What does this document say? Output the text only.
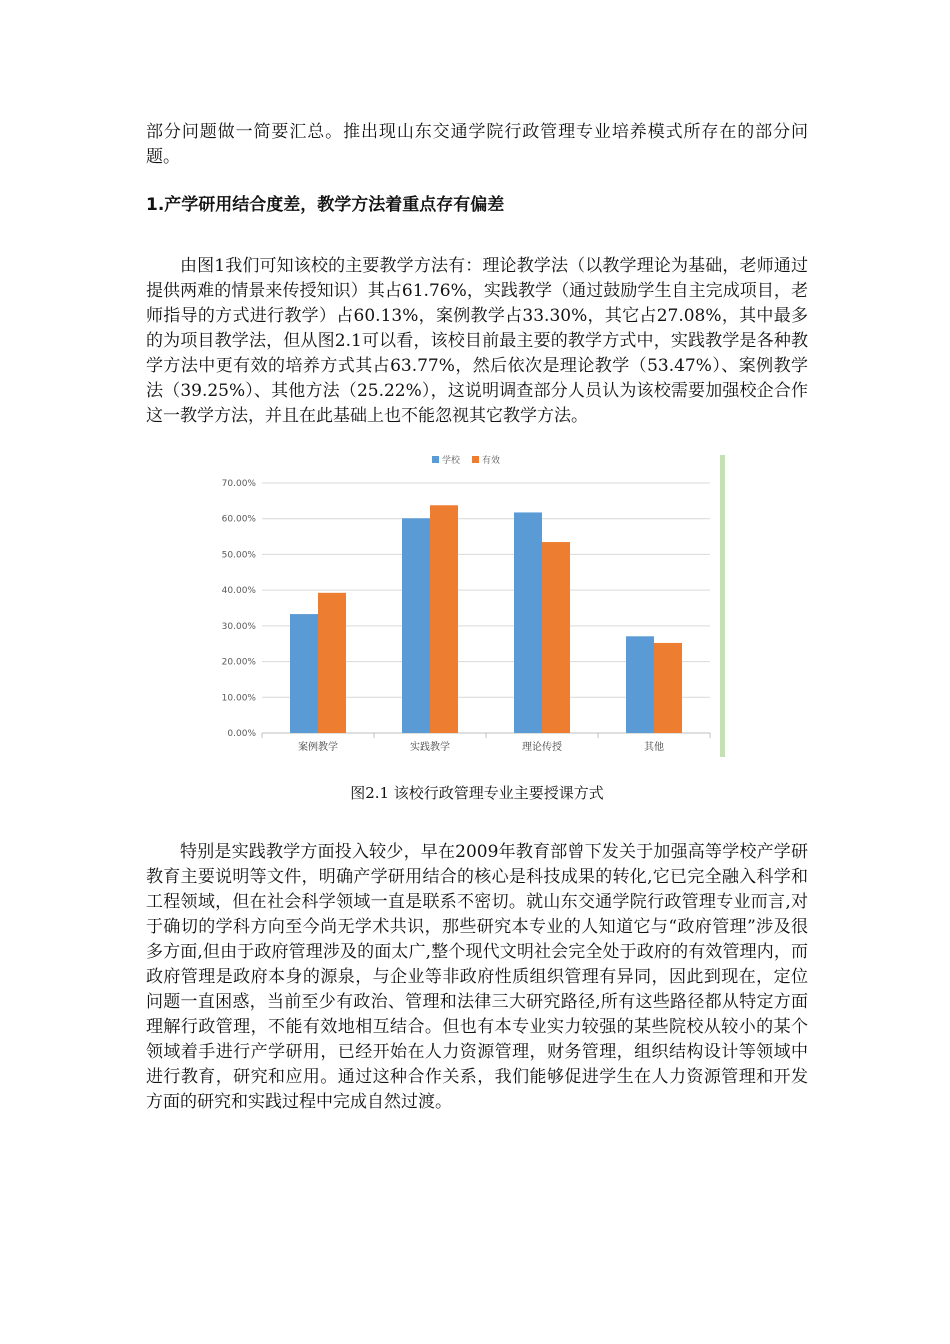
部分问题做一简要汇总。推出现山东交通学院行政管理专业培养模式所存在的部分问题。

1.产学研用结合度差，教学方法着重点存有偏差

由图1我们可知该校的主要教学方法有：理论教学法（以教学理论为基础，老师通过提供两难的情景来传授知识）其占61.76%，实践教学（通过鼓励学生自主完成项目，老师指导的方式进行教学）占60.13%，案例教学占33.30%，其它占27.08%，其中最多的为项目教学法，但从图2.1可以看，该校目前最主要的教学方式中，实践教学是各种教学方法中更有效的培养方式其占63.77%，然后依次是理论教学（53.47%）、案例教学法（39.25%）、其他方法（25.22%），这说明调查部分人员认为该校需要加强校企合作这一教学方法，并且在此基础上也不能忽视其它教学方法。

0.00%
10.00%
20.00%
30.00%
40.00%
50.00%
60.00%
70.00%
案例教学	实践教学	理论传授	其他
学校 有效

图2.1 该校行政管理专业主要授课方式

特别是实践教学方面投入较少，早在2009年教育部曾下发关于加强高等学校产学研教育主要说明等文件，明确产学研用结合的核心是科技成果的转化,它已完全融入科学和工程领域，但在社会科学领域一直是联系不密切。就山东交通学院行政管理专业而言,对于确切的学科方向至今尚无学术共识，那些研究本专业的人知道它与“政府管理”涉及很多方面,但由于政府管理涉及的面太广,整个现代文明社会完全处于政府的有效管理内，而政府管理是政府本身的源泉，与企业等非政府性质组织管理有异同，因此到现在，定位问题一直困惑，当前至少有政治、管理和法律三大研究路径,所有这些路径都从特定方面理解行政管理，不能有效地相互结合。但也有本专业实力较强的某些院校从较小的某个领域着手进行产学研用，已经开始在人力资源管理，财务管理，组织结构设计等领域中进行教育，研究和应用。通过这种合作关系，我们能够促进学生在人力资源管理和开发方面的研究和实践过程中完成自然过渡。
